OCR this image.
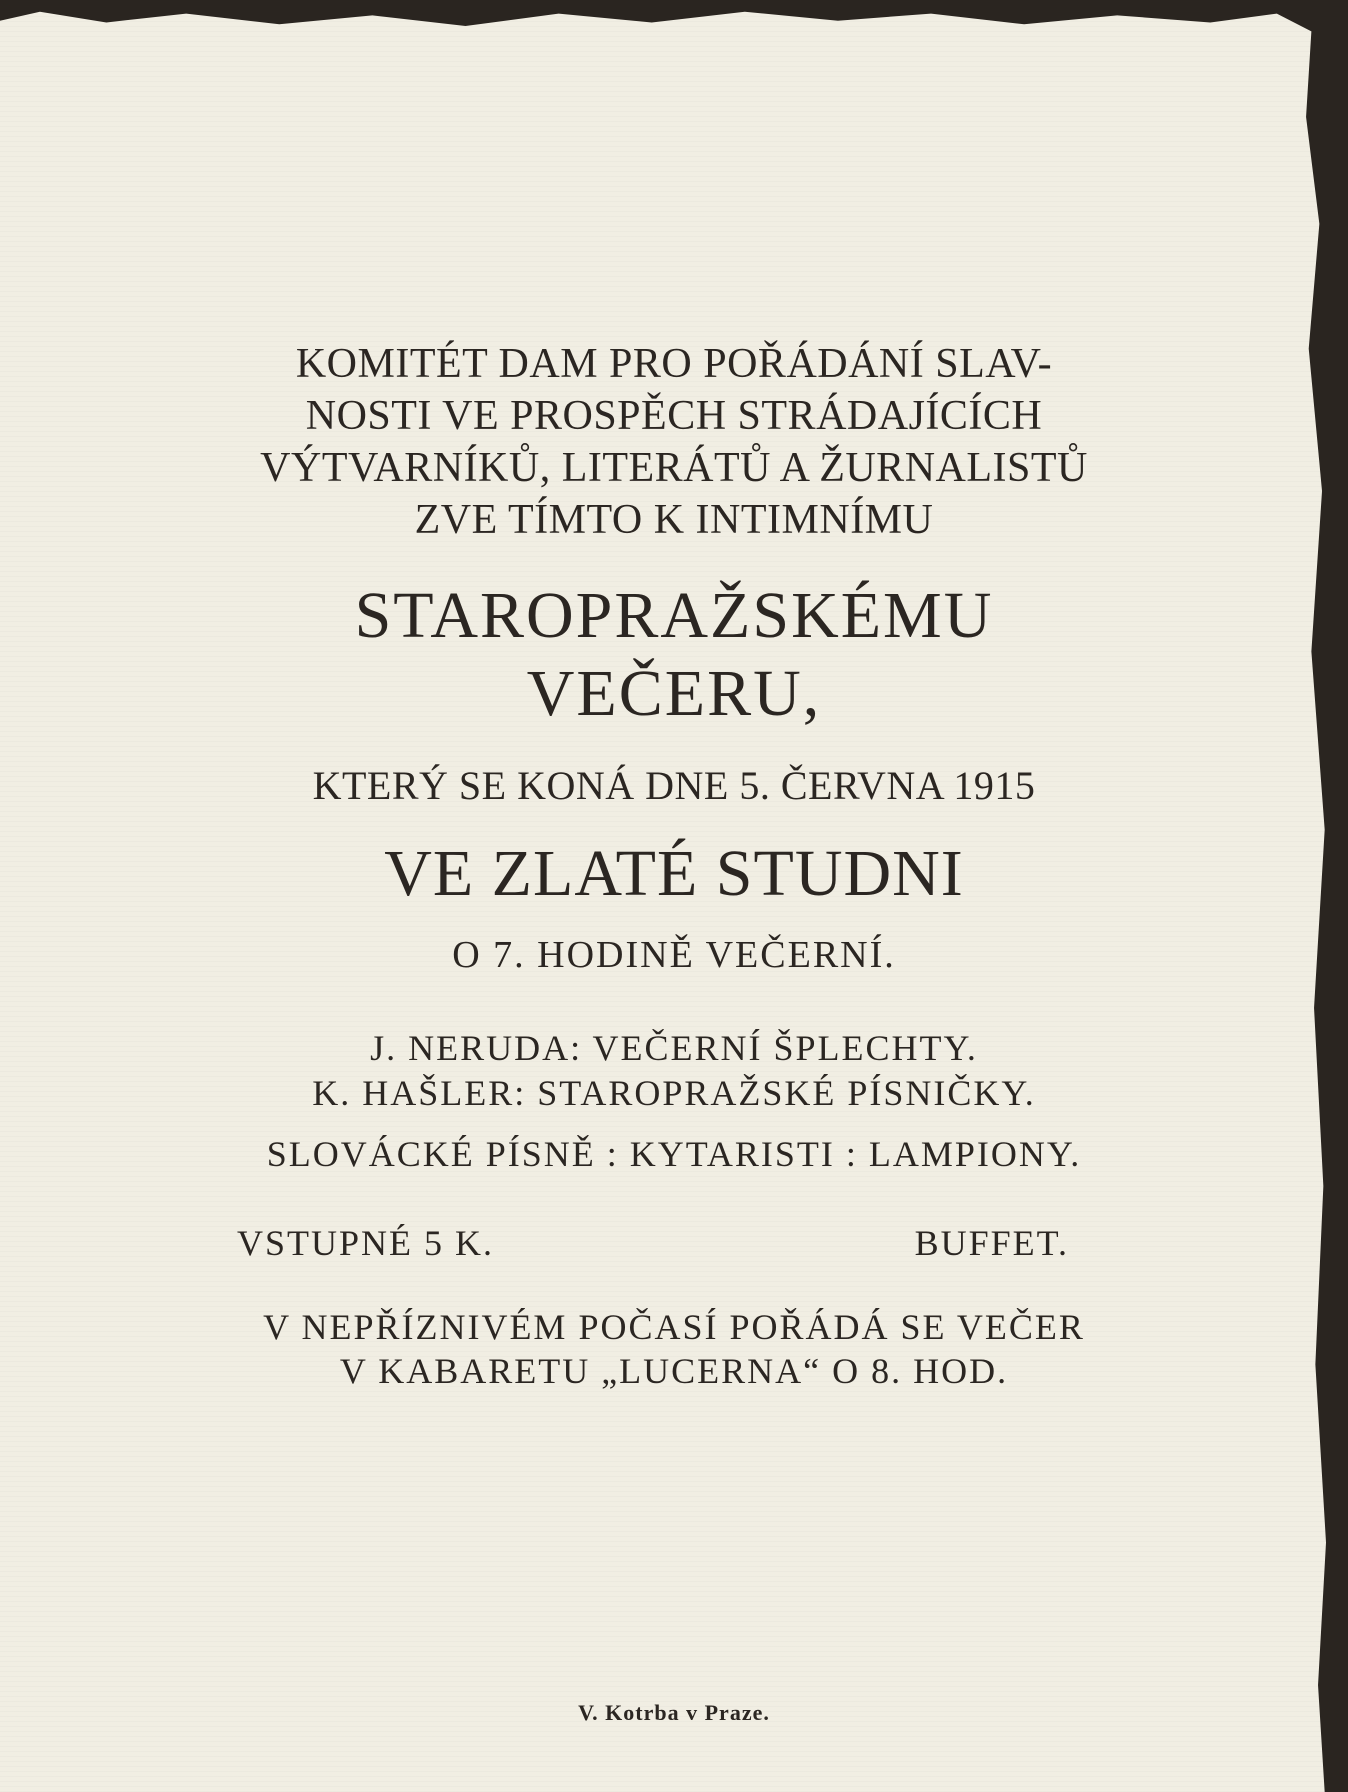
KOMITÉT DAM PRO POŘÁDÁNÍ SLAV-
NOSTI VE PROSPĚCH STRÁDAJÍCÍCH
VÝTVARNÍKŮ, LITERÁTŮ A ŽURNALISTŮ
ZVE TÍMTO K INTIMNÍMU
STAROPRAŽSKÉMU
VEČERU,
KTERÝ SE KONÁ DNE 5. ČERVNA 1915
VE ZLATÉ STUDNI
O 7. HODINĚ VEČERNÍ.
J. NERUDA: VEČERNÍ ŠPLECHTY.
K. HAŠLER: STAROPRAŽSKÉ PÍSNIČKY.
SLOVÁCKÉ PÍSNĚ : KYTARISTI : LAMPIONY.
VSTUPNÉ 5 K.	BUFFET.
V NEPŘÍZNIVÉM POČASÍ POŘÁDÁ SE VEČER
V KABARETU „LUCERNA“ O 8. HOD.
V. Kotrba v Praze.
